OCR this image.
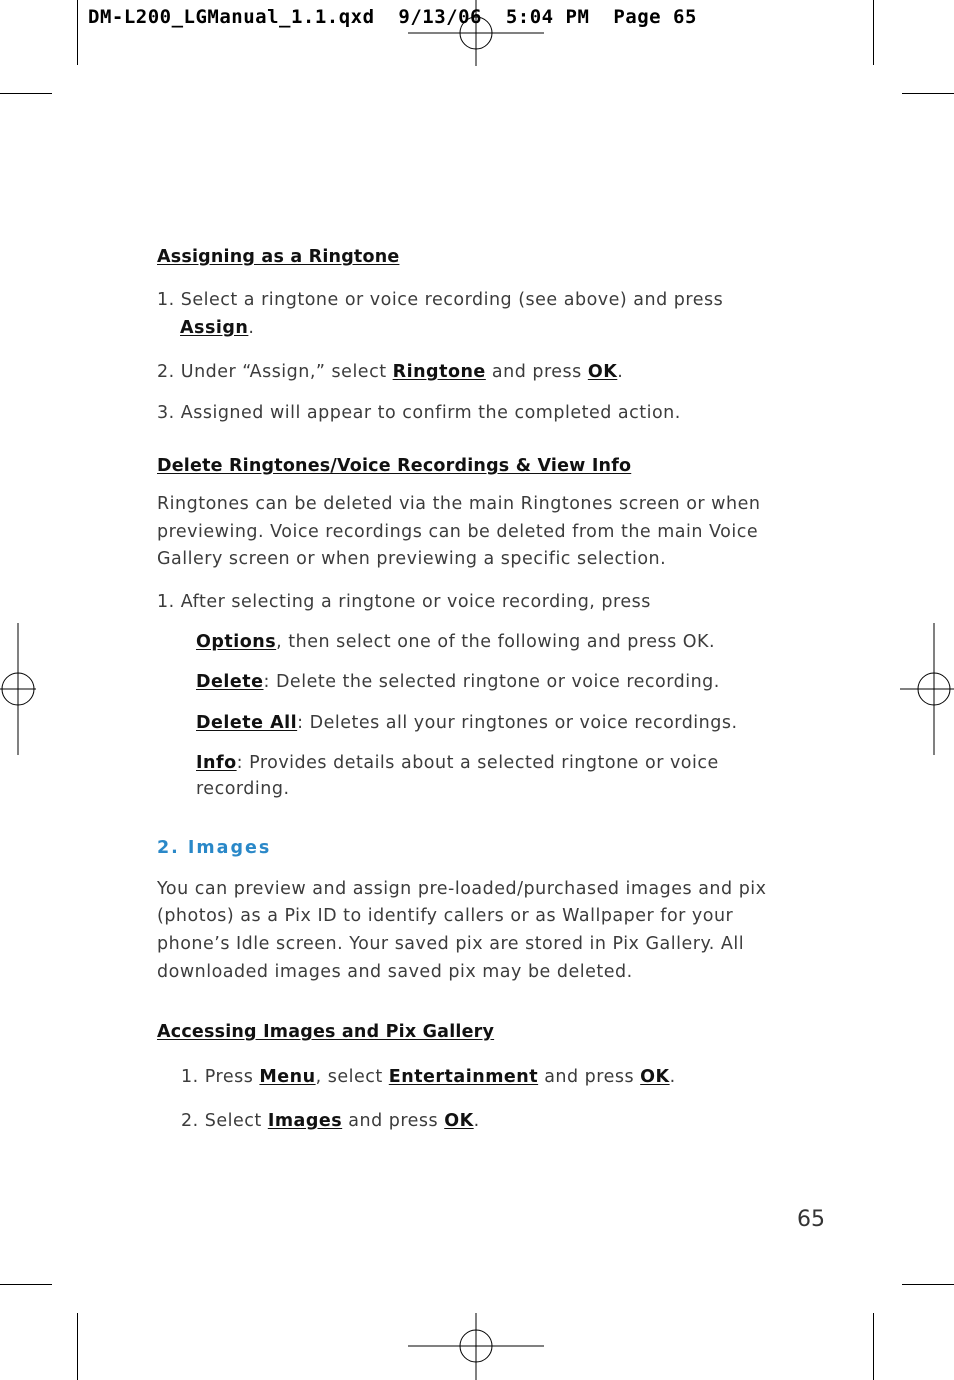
DM-L200_LGManual_1.1.qxd  9/13/06  5:04 PM  Page 65
Assigning as a Ringtone
1. Select a ringtone or voice recording (see above) and press
Assign.
2. Under “Assign,” select Ringtone and press OK.
3. Assigned will appear to confirm the completed action.
Delete Ringtones/Voice Recordings & View Info
Ringtones can be deleted via the main Ringtones screen or when
previewing. Voice recordings can be deleted from the main Voice
Gallery screen or when previewing a specific selection.
1. After selecting a ringtone or voice recording, press
Options, then select one of the following and press OK.
Delete: Delete the selected ringtone or voice recording.
Delete All: Deletes all your ringtones or voice recordings.
Info: Provides details about a selected ringtone or voice
recording.
2. Images
You can preview and assign pre-loaded/purchased images and pix
(photos) as a Pix ID to identify callers or as Wallpaper for your
phone’s Idle screen. Your saved pix are stored in Pix Gallery. All
downloaded images and saved pix may be deleted.
Accessing Images and Pix Gallery
1. Press Menu, select Entertainment and press OK.
2. Select Images and press OK.
65
